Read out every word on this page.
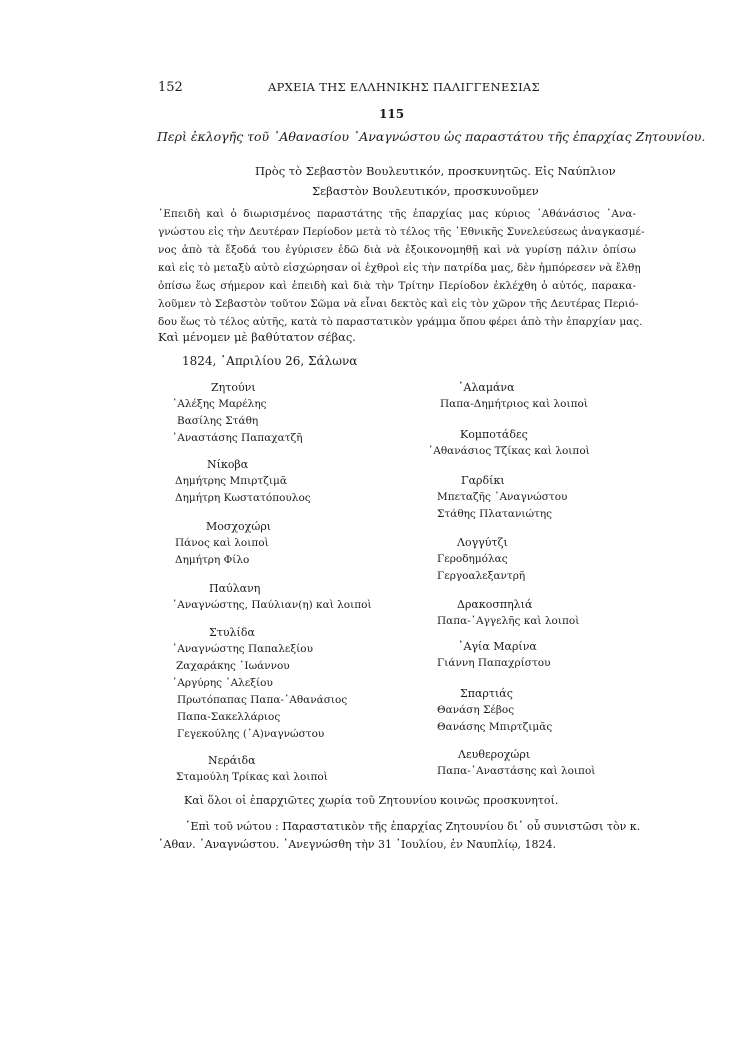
152	ΑΡΧΕΙΑ ΤΗΣ ΕΛΛΗΝΙΚΗΣ ΠΑΛΙΓΓΕΝΕΣΙΑΣ
115
Περὶ ἐκλογῆς τοῦ ᾿Αθανασίου ᾿Αναγνώστου ὡς παραστάτου τῆς ἐπαρχίας Ζητουνίου.
Πρὸς τὸ Σεβαστὸν Βουλευτικόν, προσκυνητῶς. Εἰς Ναύπλιον
Σεβαστὸν Βουλευτικόν, προσκυνοῦμεν
᾿Επειδὴ καὶ ὁ διωρισμένος παραστάτης τῆς ἐπαρχίας μας κύριος ᾿Αθάνάσιος ᾿Ανα-
γνώστου εἰς τὴν Δευτέραν Περίοδον μετὰ τὸ τέλος τῆς ᾿Εθνικῆς Συνελεύσεως ἀναγκασμέ-
νος ἀπὸ τὰ ἔξοδά του ἐγύρισεν ἐδῶ διὰ νὰ ἐξοικονομηθῇ καὶ νὰ γυρίσῃ πάλιν ὀπίσω
καὶ εἰς τὸ μεταξὺ αὐτὸ εἰσχώρησαν οἱ ἐχθροὶ εἰς τὴν πατρίδα μας, δὲν ἠμπόρεσεν νὰ ἔλθῃ
ὀπίσω ἕως σήμερον καὶ ἐπειδὴ καὶ διὰ τὴν Τρίτην Περίοδον ἐκλέχθη ὁ αὐτός, παρακα-
λοῦμεν τὸ Σεβαστὸν τοῦτον Σῶμα νὰ εἶναι δεκτὸς καὶ εἰς τὸν χῶρον τῆς Δευτέρας Περιό-
δου ἕως τὸ τέλος αὐτῆς, κατὰ τὸ παραστατικὸν γράμμα ὅπου φέρει ἀπὸ τὴν ἐπαρχίαν μας.
Καὶ μένομεν μὲ βαθύτατον σέβας.
1824, ᾿Απριλίου 26, Σάλωνα
Ζητούνι
᾿Αλέξης Μαρέλης
Βασίλης Στάθη
᾿Αναστάσης Παπαχατζῆ
Νίκοβα
Δημήτρης Μπιρτζιμᾶ
Δημήτρη Κωστατόπουλος
Μοσχοχώρι
Πάνος καὶ λοιποὶ
Δημήτρη Φίλο
Παύλανη
᾿Αναγνώστης, Παύλιαν(η) καὶ λοιποὶ
Στυλίδα
᾿Αναγνώστης Παπαλεξίου
Ζαχαράκης ᾿Ιωάννου
᾿Αργύρης ᾿Αλεξίου
Πρωτόπαπας Παπα-᾿Αθανάσιος
Παπα-Σακελλάριος
Γεγεκούλης (᾿Α)ναγνώστου
Νεράιδα
Σταμούλη Τρίκας καὶ λοιποὶ
᾿Αλαμάνα
Παπα-Δημήτριος καὶ λοιποὶ
Κομποτάδες
᾿Αθανάσιος Τζίκας καὶ λοιποὶ
Γαρδίκι
Μπεταζῆς ᾿Αναγνώστου
Στάθης Πλατανιώτης
Λογγύτζι
Γεροδημόλας
Γεργοαλεξαντρῆ
Δρακοσπηλιά
Παπα-᾿Αγγελῆς καὶ λοιποὶ
῾Αγία Μαρίνα
Γιάννη Παπαχρίστου
Σπαρτιάς
Θανάση Σέβος
Θανάσης Μπιρτζιμᾶς
Λευθεροχώρι
Παπα-᾿Αναστάσης καὶ λοιποὶ
Καὶ ὅλοι οἱ ἐπαρχιῶτες χωρία τοῦ Ζητουνίου κοινῶς προσκυνητοί.
᾿Επὶ τοῦ νώτου : Παραστατικὸν τῆς ἐπαρχίας Ζητουνίου δι᾿ οὗ συνιστῶσι τὸν κ.
᾿Αθαν. ᾿Αναγνώστου. ᾿Ανεγνώσθη τὴν 31 ᾿Ιουλίου, ἐν Ναυπλίῳ, 1824.
